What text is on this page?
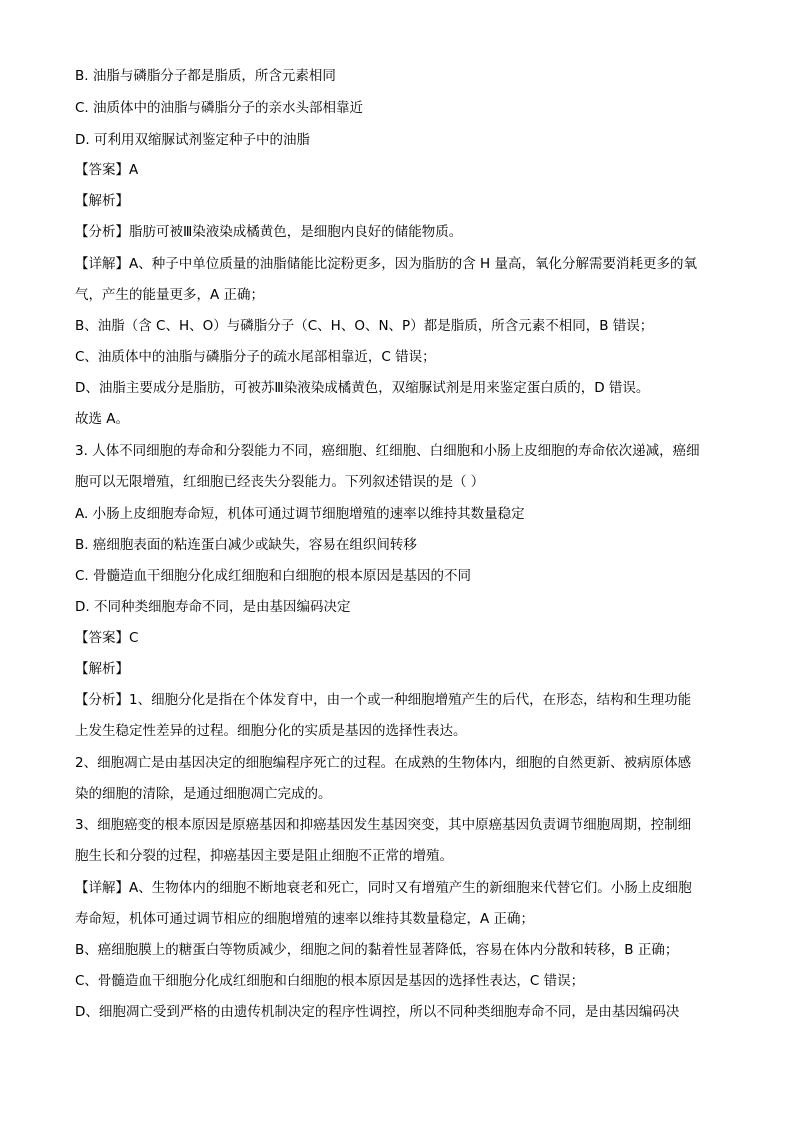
B. 油脂与磷脂分子都是脂质，所含元素相同
C. 油质体中的油脂与磷脂分子的亲水头部相靠近
D. 可利用双缩脲试剂鉴定种子中的油脂
【答案】A
【解析】
【分析】脂肪可被Ⅲ染液染成橘黄色，是细胞内良好的储能物质。
【详解】A、种子中单位质量的油脂储能比淀粉更多，因为脂肪的含 H 量高，氧化分解需要消耗更多的氧
气，产生的能量更多，A 正确；
B、油脂（含 C、H、O）与磷脂分子（C、H、O、N、P）都是脂质，所含元素不相同，B 错误；
C、油质体中的油脂与磷脂分子的疏水尾部相靠近，C 错误；
D、油脂主要成分是脂肪，可被苏Ⅲ染液染成橘黄色，双缩脲试剂是用来鉴定蛋白质的，D 错误。
故选 A。
3. 人体不同细胞的寿命和分裂能力不同，癌细胞、红细胞、白细胞和小肠上皮细胞的寿命依次递减，癌细
胞可以无限增殖，红细胞已经丧失分裂能力。下列叙述错误的是（ ）
A. 小肠上皮细胞寿命短，机体可通过调节细胞增殖的速率以维持其数量稳定
B. 癌细胞表面的粘连蛋白减少或缺失，容易在组织间转移
C. 骨髓造血干细胞分化成红细胞和白细胞的根本原因是基因的不同
D. 不同种类细胞寿命不同，是由基因编码决定
【答案】C
【解析】
【分析】1、细胞分化是指在个体发育中，由一个或一种细胞增殖产生的后代，在形态，结构和生理功能
上发生稳定性差异的过程。细胞分化的实质是基因的选择性表达。
2、细胞凋亡是由基因决定的细胞编程序死亡的过程。在成熟的生物体内，细胞的自然更新、被病原体感
染的细胞的清除，是通过细胞凋亡完成的。
3、细胞癌变的根本原因是原癌基因和抑癌基因发生基因突变，其中原癌基因负责调节细胞周期，控制细
胞生长和分裂的过程，抑癌基因主要是阻止细胞不正常的增殖。
【详解】A、生物体内的细胞不断地衰老和死亡，同时又有增殖产生的新细胞来代替它们。小肠上皮细胞
寿命短，机体可通过调节相应的细胞增殖的速率以维持其数量稳定，A 正确；
B、癌细胞膜上的糖蛋白等物质减少，细胞之间的黏着性显著降低，容易在体内分散和转移，B 正确；
C、骨髓造血干细胞分化成红细胞和白细胞的根本原因是基因的选择性表达，C 错误；
D、细胞凋亡受到严格的由遗传机制决定的程序性调控，所以不同种类细胞寿命不同，是由基因编码决
